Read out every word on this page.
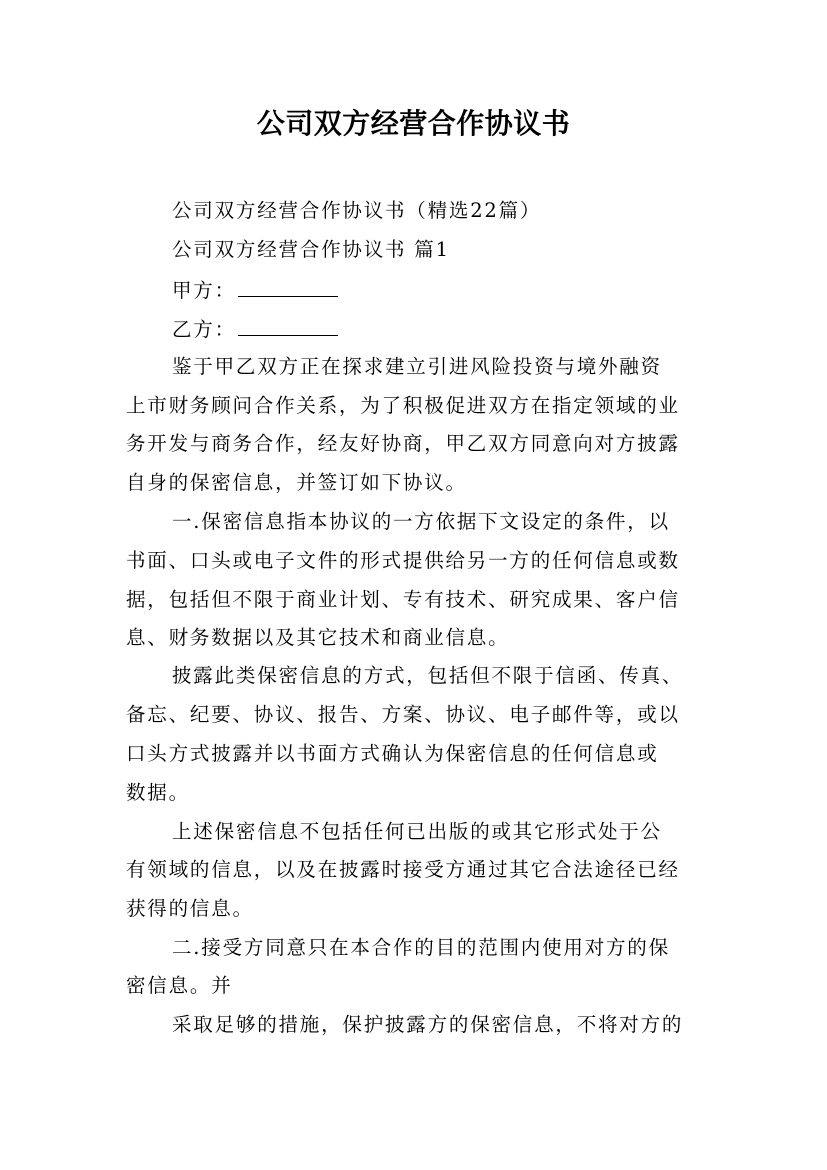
公司双方经营合作协议书
公司双方经营合作协议书（精选22篇）
公司双方经营合作协议书 篇1
甲方：
乙方：
鉴于甲乙双方正在探求建立引进风险投资与境外融资
上市财务顾问合作关系，为了积极促进双方在指定领域的业
务开发与商务合作，经友好协商，甲乙双方同意向对方披露
自身的保密信息，并签订如下协议。
一.保密信息指本协议的一方依据下文设定的条件，以
书面、口头或电子文件的形式提供给另一方的任何信息或数
据，包括但不限于商业计划、专有技术、研究成果、客户信
息、财务数据以及其它技术和商业信息。
披露此类保密信息的方式，包括但不限于信函、传真、
备忘、纪要、协议、报告、方案、协议、电子邮件等，或以
口头方式披露并以书面方式确认为保密信息的任何信息或
数据。
上述保密信息不包括任何已出版的或其它形式处于公
有领域的信息，以及在披露时接受方通过其它合法途径已经
获得的信息。
二.接受方同意只在本合作的目的范围内使用对方的保
密信息。并
采取足够的措施，保护披露方的保密信息，不将对方的
